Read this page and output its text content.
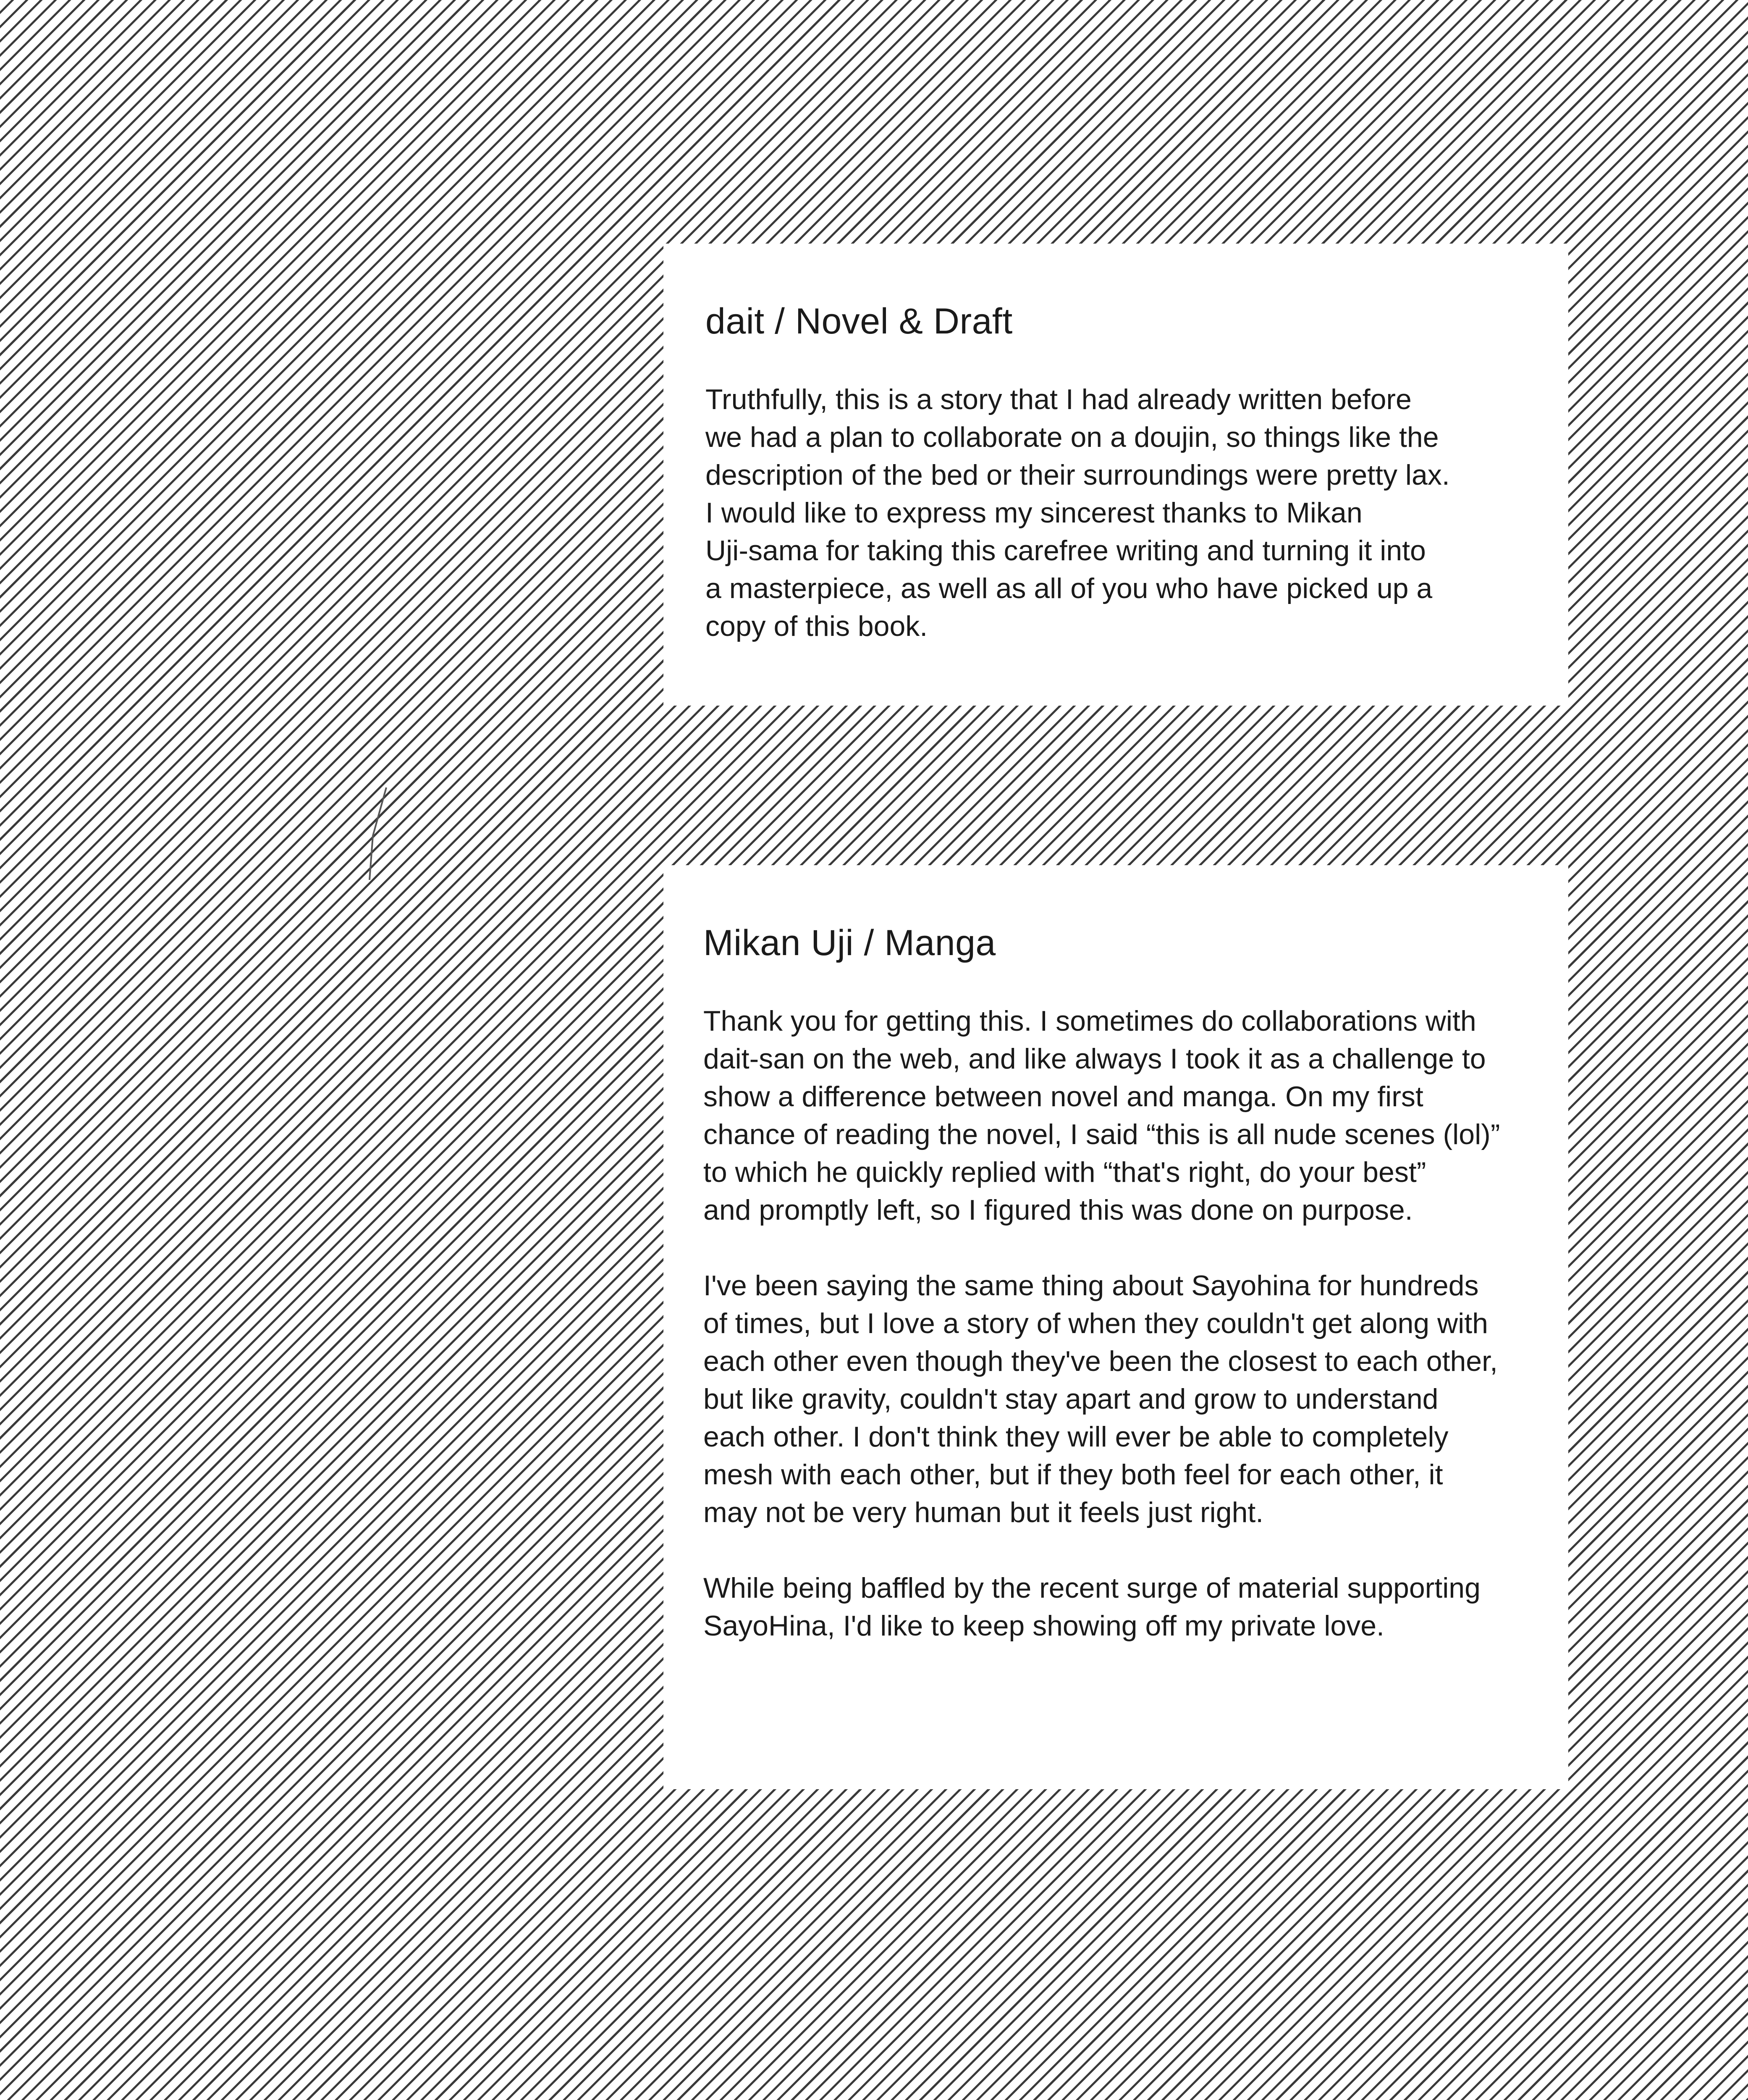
dait / Novel & Draft

Truthfully, this is a story that I had already written before
we had a plan to collaborate on a doujin, so things like the
description of the bed or their surroundings were pretty lax.
I would like to express my sincerest thanks to Mikan
Uji-sama for taking this carefree writing and turning it into
a masterpiece, as well as all of you who have picked up a
copy of this book.

Mikan Uji / Manga

Thank you for getting this. I sometimes do collaborations with
dait-san on the web, and like always I took it as a challenge to
show a difference between novel and manga. On my first
chance of reading the novel, I said “this is all nude scenes (lol)”
to which he quickly replied with “that's right, do your best”
and promptly left, so I figured this was done on purpose.

I've been saying the same thing about Sayohina for hundreds
of times, but I love a story of when they couldn't get along with
each other even though they've been the closest to each other,
but like gravity, couldn't stay apart and grow to understand
each other. I don't think they will ever be able to completely
mesh with each other, but if they both feel for each other, it
may not be very human but it feels just right.

While being baffled by the recent surge of material supporting
SayoHina, I'd like to keep showing off my private love.
